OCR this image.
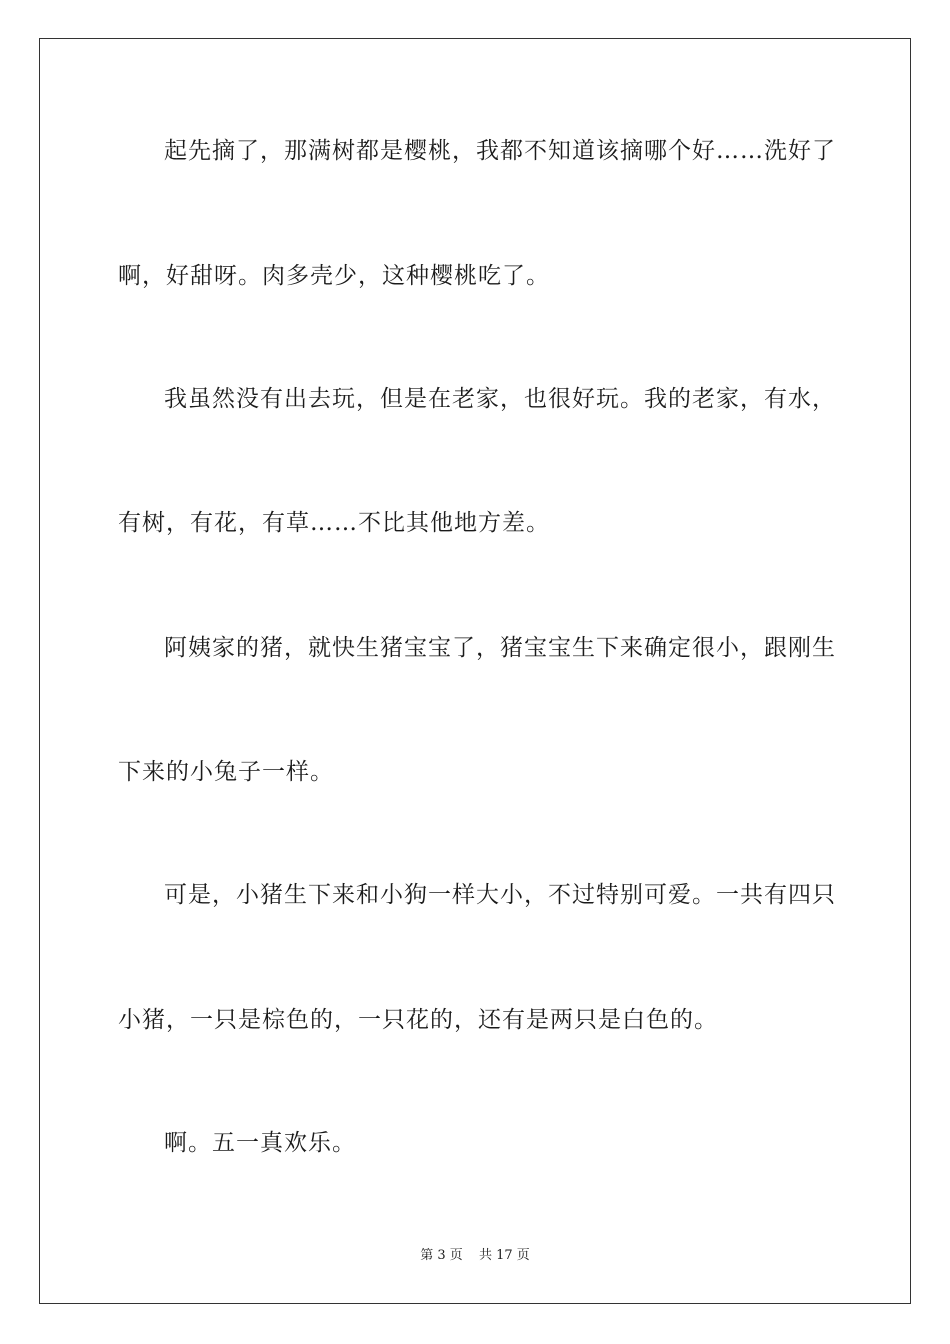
起先摘了，那满树都是樱桃，我都不知道该摘哪个好……洗好了
啊，好甜呀。肉多壳少，这种樱桃吃了。
我虽然没有出去玩，但是在老家，也很好玩。我的老家，有水，
有树，有花，有草……不比其他地方差。
阿姨家的猪，就快生猪宝宝了，猪宝宝生下来确定很小，跟刚生
下来的小兔子一样。
可是，小猪生下来和小狗一样大小，不过特别可爱。一共有四只
小猪，一只是棕色的，一只花的，还有是两只是白色的。
啊。五一真欢乐。
第 3 页 共 17 页
